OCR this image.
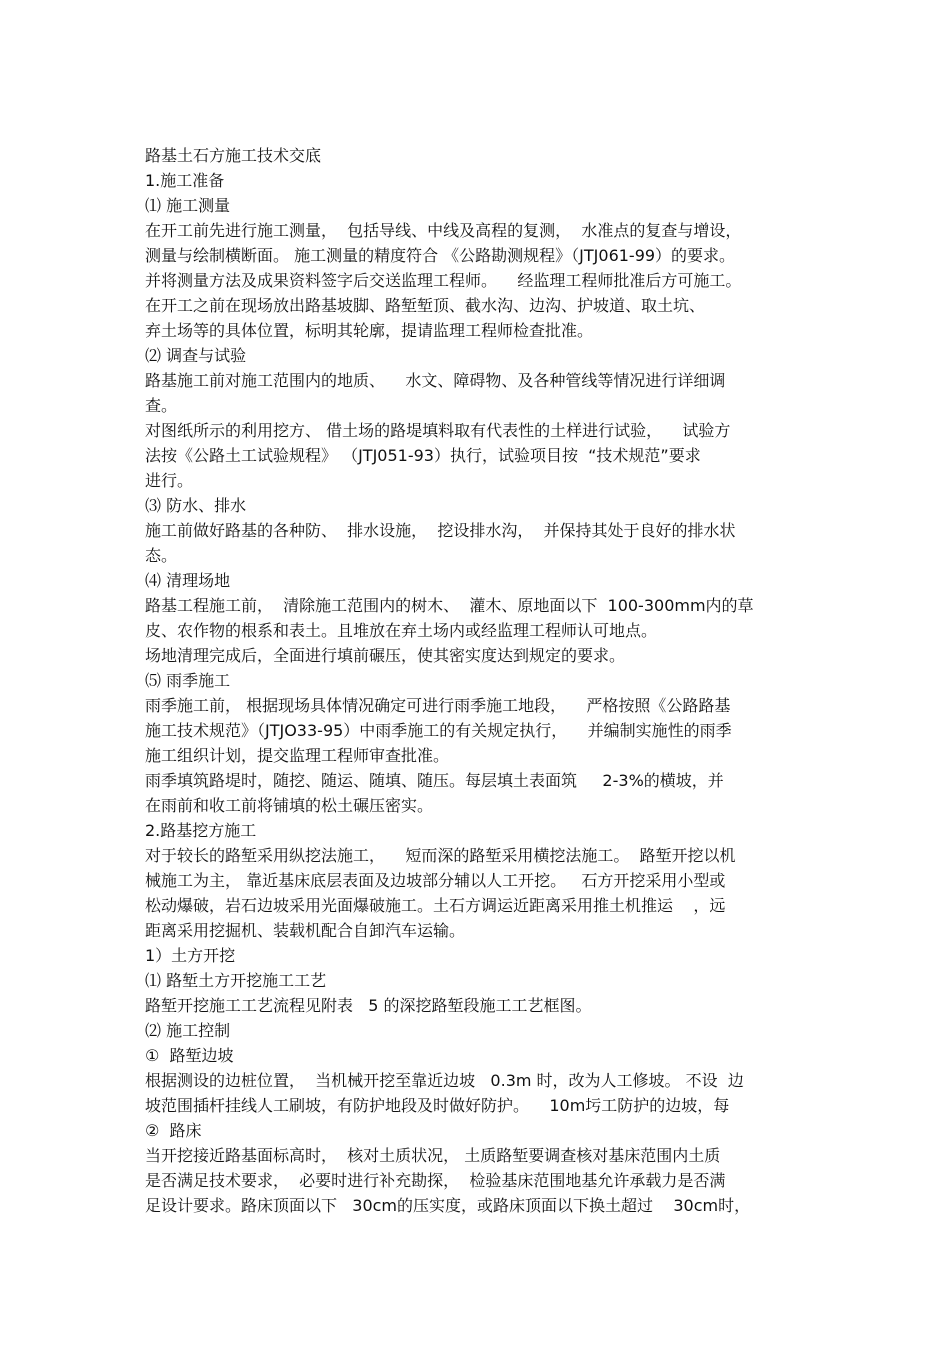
路基土石方施工技术交底
1.施工准备
⑴ 施工测量
在开工前先进行施工测量，  包括导线、中线及高程的复测，  水准点的复查与增设，
测量与绘制横断面。 施工测量的精度符合 《公路勘测规程》（JTJ061-99）的要求。
并将测量方法及成果资料签字后交送监理工程师。    经监理工程师批准后方可施工。
在开工之前在现场放出路基坡脚、路堑堑顶、截水沟、边沟、护坡道、取土坑、
弃土场等的具体位置，标明其轮廓，提请监理工程师检查批准。
⑵ 调查与试验
路基施工前对施工范围内的地质、    水文、障碍物、及各种管线等情况进行详细调
查。
对图纸所示的利用挖方、 借土场的路堤填料取有代表性的土样进行试验，    试验方
法按《公路土工试验规程》 （JTJ051-93）执行，试验项目按  “技术规范”要求
进行。
⑶ 防水、排水
施工前做好路基的各种防、  排水设施，  挖设排水沟，  并保持其处于良好的排水状
态。
⑷ 清理场地
路基工程施工前，  清除施工范围内的树木、  灌木、原地面以下  100-300mm内的草
皮、农作物的根系和表土。且堆放在弃土场内或经监理工程师认可地点。
场地清理完成后，全面进行填前碾压，使其密实度达到规定的要求。
⑸ 雨季施工
雨季施工前， 根据现场具体情况确定可进行雨季施工地段，    严格按照《公路路基
施工技术规范》（JTJO33-95）中雨季施工的有关规定执行，    并编制实施性的雨季
施工组织计划，提交监理工程师审查批准。
雨季填筑路堤时，随挖、随运、随填、随压。每层填土表面筑     2-3%的横坡，并
在雨前和收工前将铺填的松土碾压密实。
2.路基挖方施工
对于较长的路堑采用纵挖法施工，    短而深的路堑采用横挖法施工。  路堑开挖以机
械施工为主， 靠近基床底层表面及边坡部分辅以人工开挖。   石方开挖采用小型或
松动爆破，岩石边坡采用光面爆破施工。土石方调运近距离采用推土机推运    ，远
距离采用挖掘机、装载机配合自卸汽车运输。
1）土方开挖
⑴ 路堑土方开挖施工工艺
路堑开挖施工工艺流程见附表   5 的深挖路堑段施工工艺框图。
⑵ 施工控制
①  路堑边坡
根据测设的边桩位置，  当机械开挖至靠近边坡   0.3m 时，改为人工修坡。 不设  边
坡范围插杆挂线人工刷坡，有防护地段及时做好防护。    10m圬工防护的边坡，每
②  路床
当开挖接近路基面标高时，  核对土质状况， 土质路堑要调查核对基床范围内土质
是否满足技术要求，  必要时进行补充勘探，  检验基床范围地基允许承载力是否满
足设计要求。路床顶面以下   30cm的压实度，或路床顶面以下换土超过    30cm时，
